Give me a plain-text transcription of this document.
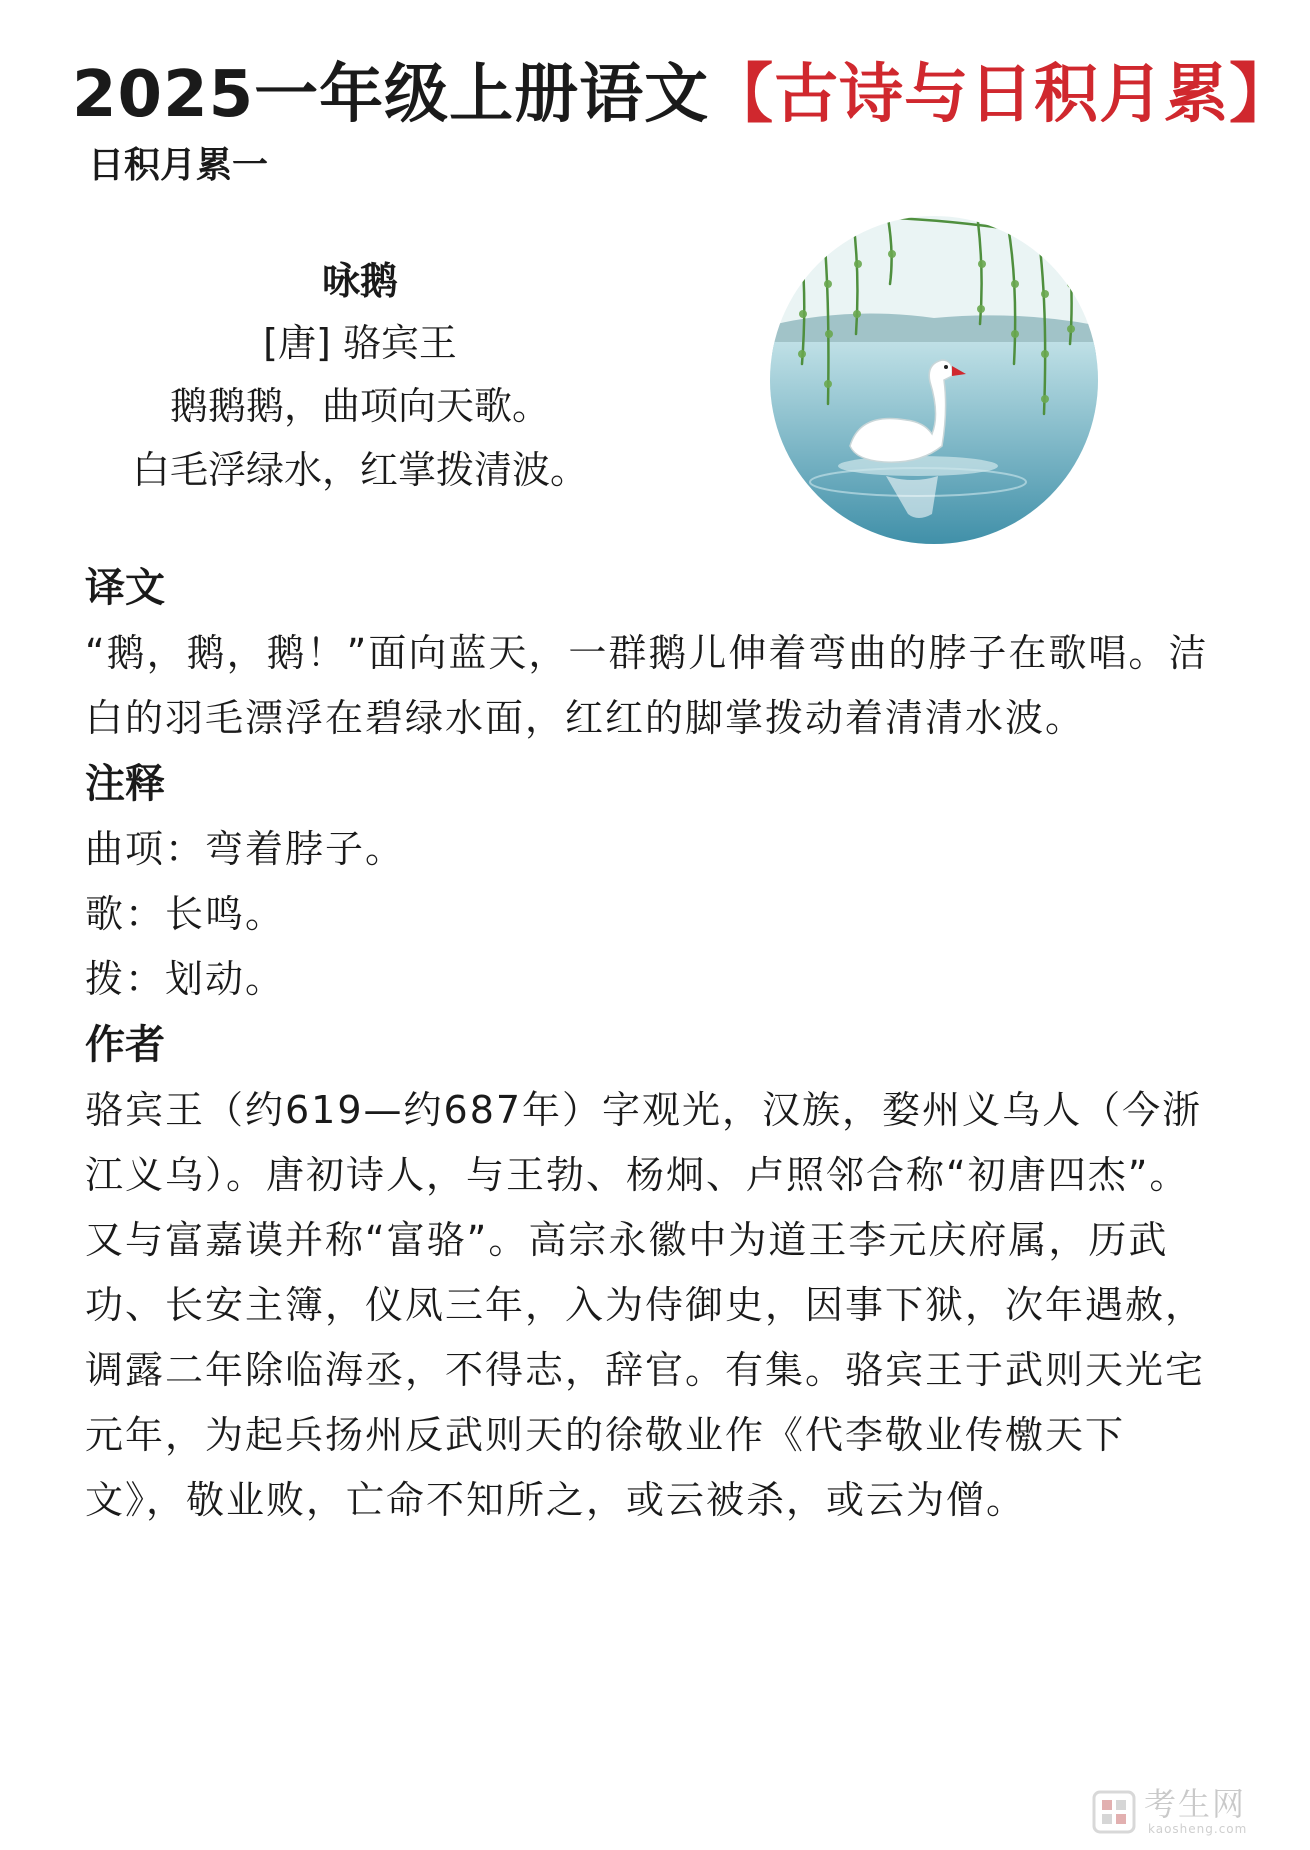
2025一年级上册语文【古诗与日积月累】
日积月累一
咏鹅
[唐] 骆宾王
鹅鹅鹅，曲项向天歌。
白毛浮绿水，红掌拨清波。
译文
“鹅，鹅，鹅！”面向蓝天，一群鹅儿伸着弯曲的脖子在歌唱。洁白的羽毛漂浮在碧绿水面，红红的脚掌拨动着清清水波。
注释
曲项：弯着脖子。
歌：长鸣。
拨：划动。
作者
骆宾王（约619—约687年）字观光，汉族，婺州义乌人（今浙江义乌）。唐初诗人，与王勃、杨炯、卢照邻合称“初唐四杰”。又与富嘉谟并称“富骆”。高宗永徽中为道王李元庆府属，历武功、长安主簿，仪凤三年，入为侍御史，因事下狱，次年遇赦，调露二年除临海丞，不得志，辞官。有集。骆宾王于武则天光宅元年，为起兵扬州反武则天的徐敬业作《代李敬业传檄天下文》，敬业败，亡命不知所之，或云被杀，或云为僧。
考生网
kaosheng.com
